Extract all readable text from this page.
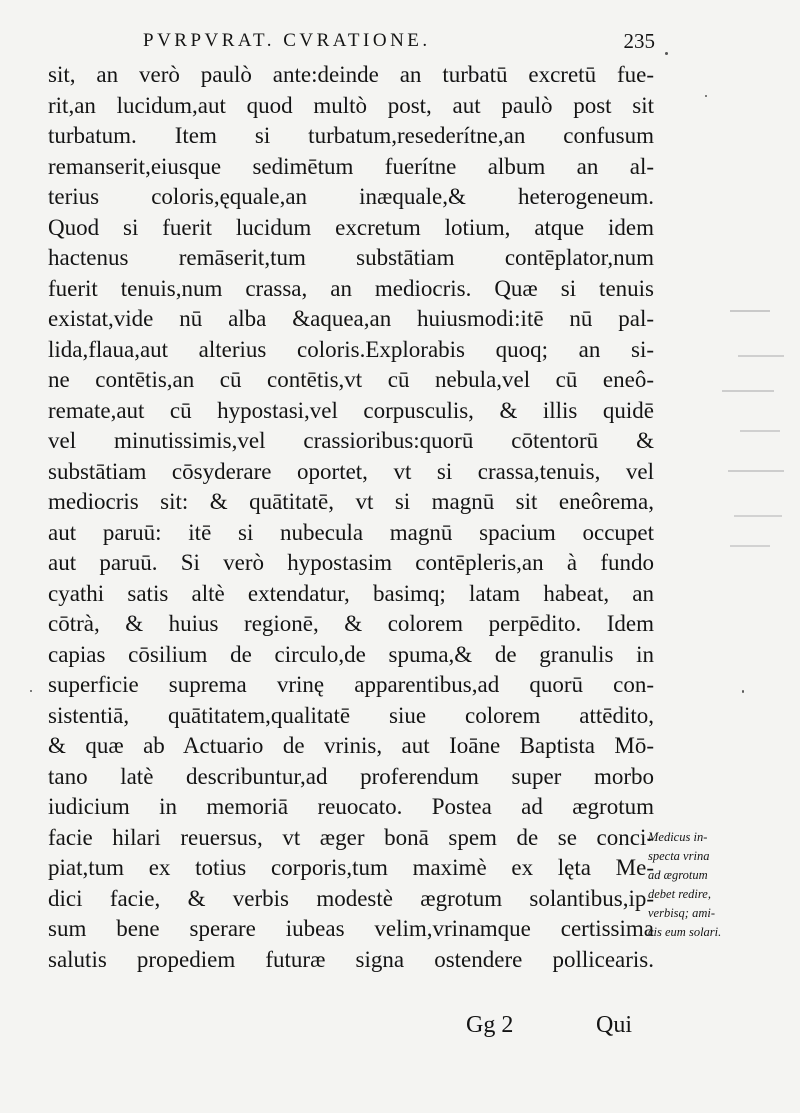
PVRPVRAT. CVRATIONE.	235
sit, an verò paulò ante:deinde an turbatū excretū fue-
rit,an lucidum,aut quod multò post, aut paulò post sit
turbatum. Item si turbatum,resederítne,an confusum
remanserit,eiusque sedimētum fuerítne album an al-
terius coloris,ęquale,an inæquale,& heterogeneum.
Quod si fuerit lucidum excretum lotium, atque idem
hactenus remāserit,tum substātiam contēplator,num
fuerit tenuis,num crassa, an mediocris. Quæ si tenuis
existat,vide nū alba &aquea,an huiusmodi:itē nū pal-
lida,flaua,aut alterius coloris.Explorabis quoq; an si-
ne contētis,an cū contētis,vt cū nebula,vel cū eneô-
remate,aut cū hypostasi,vel corpusculis, & illis quidē
vel minutissimis,vel crassioribus:quorū cōtentorū &
substātiam cōsyderare oportet, vt si crassa,tenuis, vel
mediocris sit: & quātitatē, vt si magnū sit eneôrema,
aut paruū: itē si nubecula magnū spacium occupet
aut paruū. Si verò hypostasim contēpleris,an à fundo
cyathi satis altè extendatur, basimq; latam habeat, an
cōtrà, & huius regionē, & colorem perpēdito. Idem
capias cōsilium de circulo,de spuma,& de granulis in
superficie suprema vrinę apparentibus,ad quorū con-
sistentiā, quātitatem,qualitatē siue colorem attēdito,
& quæ ab Actuario de vrinis, aut Ioāne Baptista Mō-
tano latè describuntur,ad proferendum super morbo
iudicium in memoriā reuocato. Postea ad ægrotum
facie hilari reuersus, vt æger bonā spem de se conci-
piat,tum ex totius corporis,tum maximè ex lęta Me-
dici facie, & verbis modestè ægrotum solantibus,ip-
sum bene sperare iubeas velim,vrinamque certissima
salutis propediem futuræ signa ostendere pollicearis.
Medicus in-
specta vrina
ad ægrotum
debet redire,
verbisq; ami-
cis eum solari.
Gg 2	Qui
